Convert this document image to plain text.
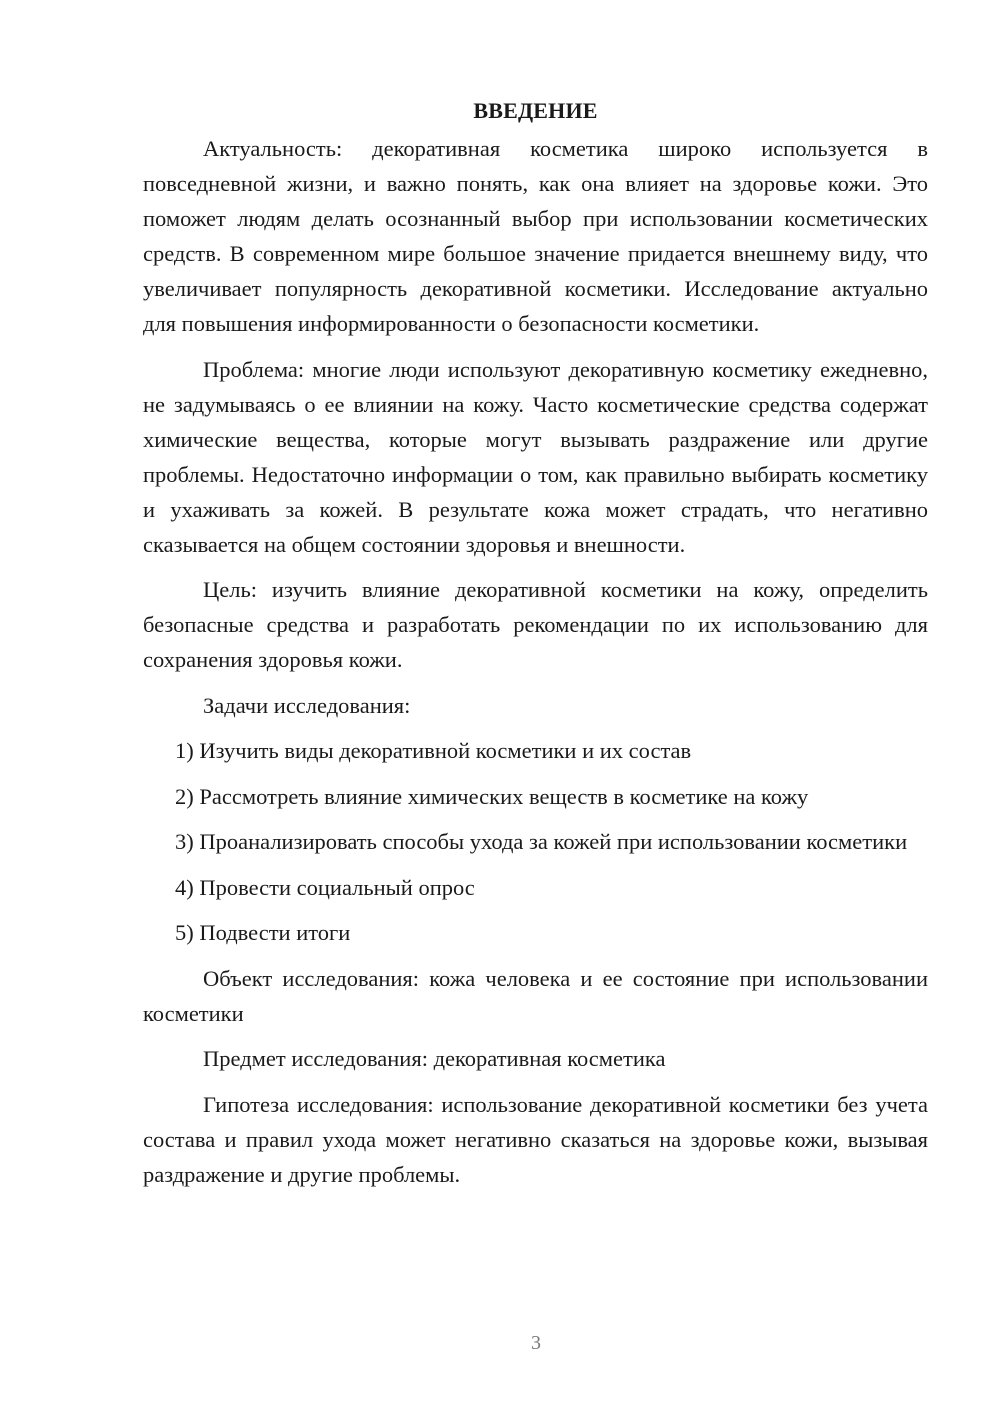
ВВЕДЕНИЕ

Актуальность: декоративная косметика широко используется в повседневной жизни, и важно понять, как она влияет на здоровье кожи. Это поможет людям делать осознанный выбор при использовании косметических средств. В современном мире большое значение придается внешнему виду, что увеличивает популярность декоративной косметики. Исследование актуально для повышения информированности о безопасности косметики.

Проблема: многие люди используют декоративную косметику ежедневно, не задумываясь о ее влиянии на кожу. Часто косметические средства содержат химические вещества, которые могут вызывать раздражение или другие проблемы. Недостаточно информации о том, как правильно выбирать косметику и ухаживать за кожей. В результате кожа может страдать, что негативно сказывается на общем состоянии здоровья и внешности.

Цель: изучить влияние декоративной косметики на кожу, определить безопасные средства и разработать рекомендации по их использованию для сохранения здоровья кожи.

Задачи исследования:

1) Изучить виды декоративной косметики и их состав

2) Рассмотреть влияние химических веществ в косметике на кожу

3) Проанализировать способы ухода за кожей при использовании косметики

4) Провести социальный опрос

5) Подвести итоги

Объект исследования: кожа человека и ее состояние при использовании косметики

Предмет исследования: декоративная косметика

Гипотеза исследования: использование декоративной косметики без учета состава и правил ухода может негативно сказаться на здоровье кожи, вызывая раздражение и другие проблемы.

3
